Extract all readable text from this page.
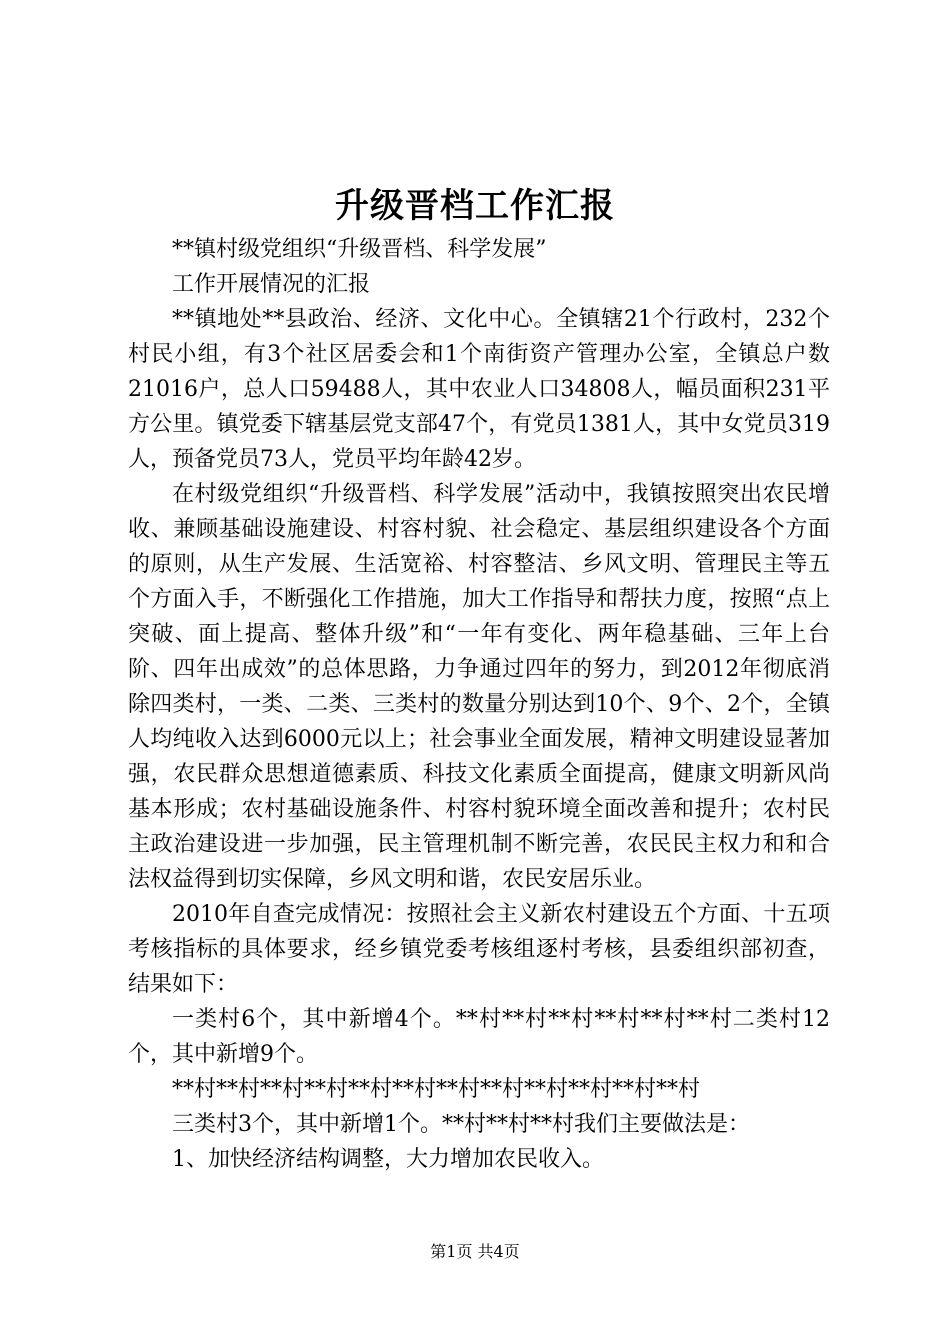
升级晋档工作汇报

**镇村级党组织“升级晋档、科学发展”

工作开展情况的汇报

**镇地处**县政治、经济、文化中心。全镇辖21个行政村，232个村民小组，有3个社区居委会和1个南街资产管理办公室，全镇总户数21016户，总人口59488人，其中农业人口34808人，幅员面积231平方公里。镇党委下辖基层党支部47个，有党员1381人，其中女党员319人，预备党员73人，党员平均年龄42岁。

在村级党组织“升级晋档、科学发展”活动中，我镇按照突出农民增收、兼顾基础设施建设、村容村貌、社会稳定、基层组织建设各个方面的原则，从生产发展、生活宽裕、村容整洁、乡风文明、管理民主等五个方面入手，不断强化工作措施，加大工作指导和帮扶力度，按照“点上突破、面上提高、整体升级”和“一年有变化、两年稳基础、三年上台阶、四年出成效”的总体思路，力争通过四年的努力，到2012年彻底消除四类村，一类、二类、三类村的数量分别达到10个、9个、2个，全镇人均纯收入达到6000元以上；社会事业全面发展，精神文明建设显著加强，农民群众思想道德素质、科技文化素质全面提高，健康文明新风尚基本形成；农村基础设施条件、村容村貌环境全面改善和提升；农村民主政治建设进一步加强，民主管理机制不断完善，农民民主权力和和合法权益得到切实保障，乡风文明和谐，农民安居乐业。

2010年自查完成情况：按照社会主义新农村建设五个方面、十五项考核指标的具体要求，经乡镇党委考核组逐村考核，县委组织部初查，结果如下：

一类村6个，其中新增4个。**村**村**村**村**村**村二类村12个，其中新增9个。

**村**村**村**村**村**村**村**村**村**村**村**村

三类村3个，其中新增1个。**村**村**村我们主要做法是：

1、加快经济结构调整，大力增加农民收入。

第1页 共4页
